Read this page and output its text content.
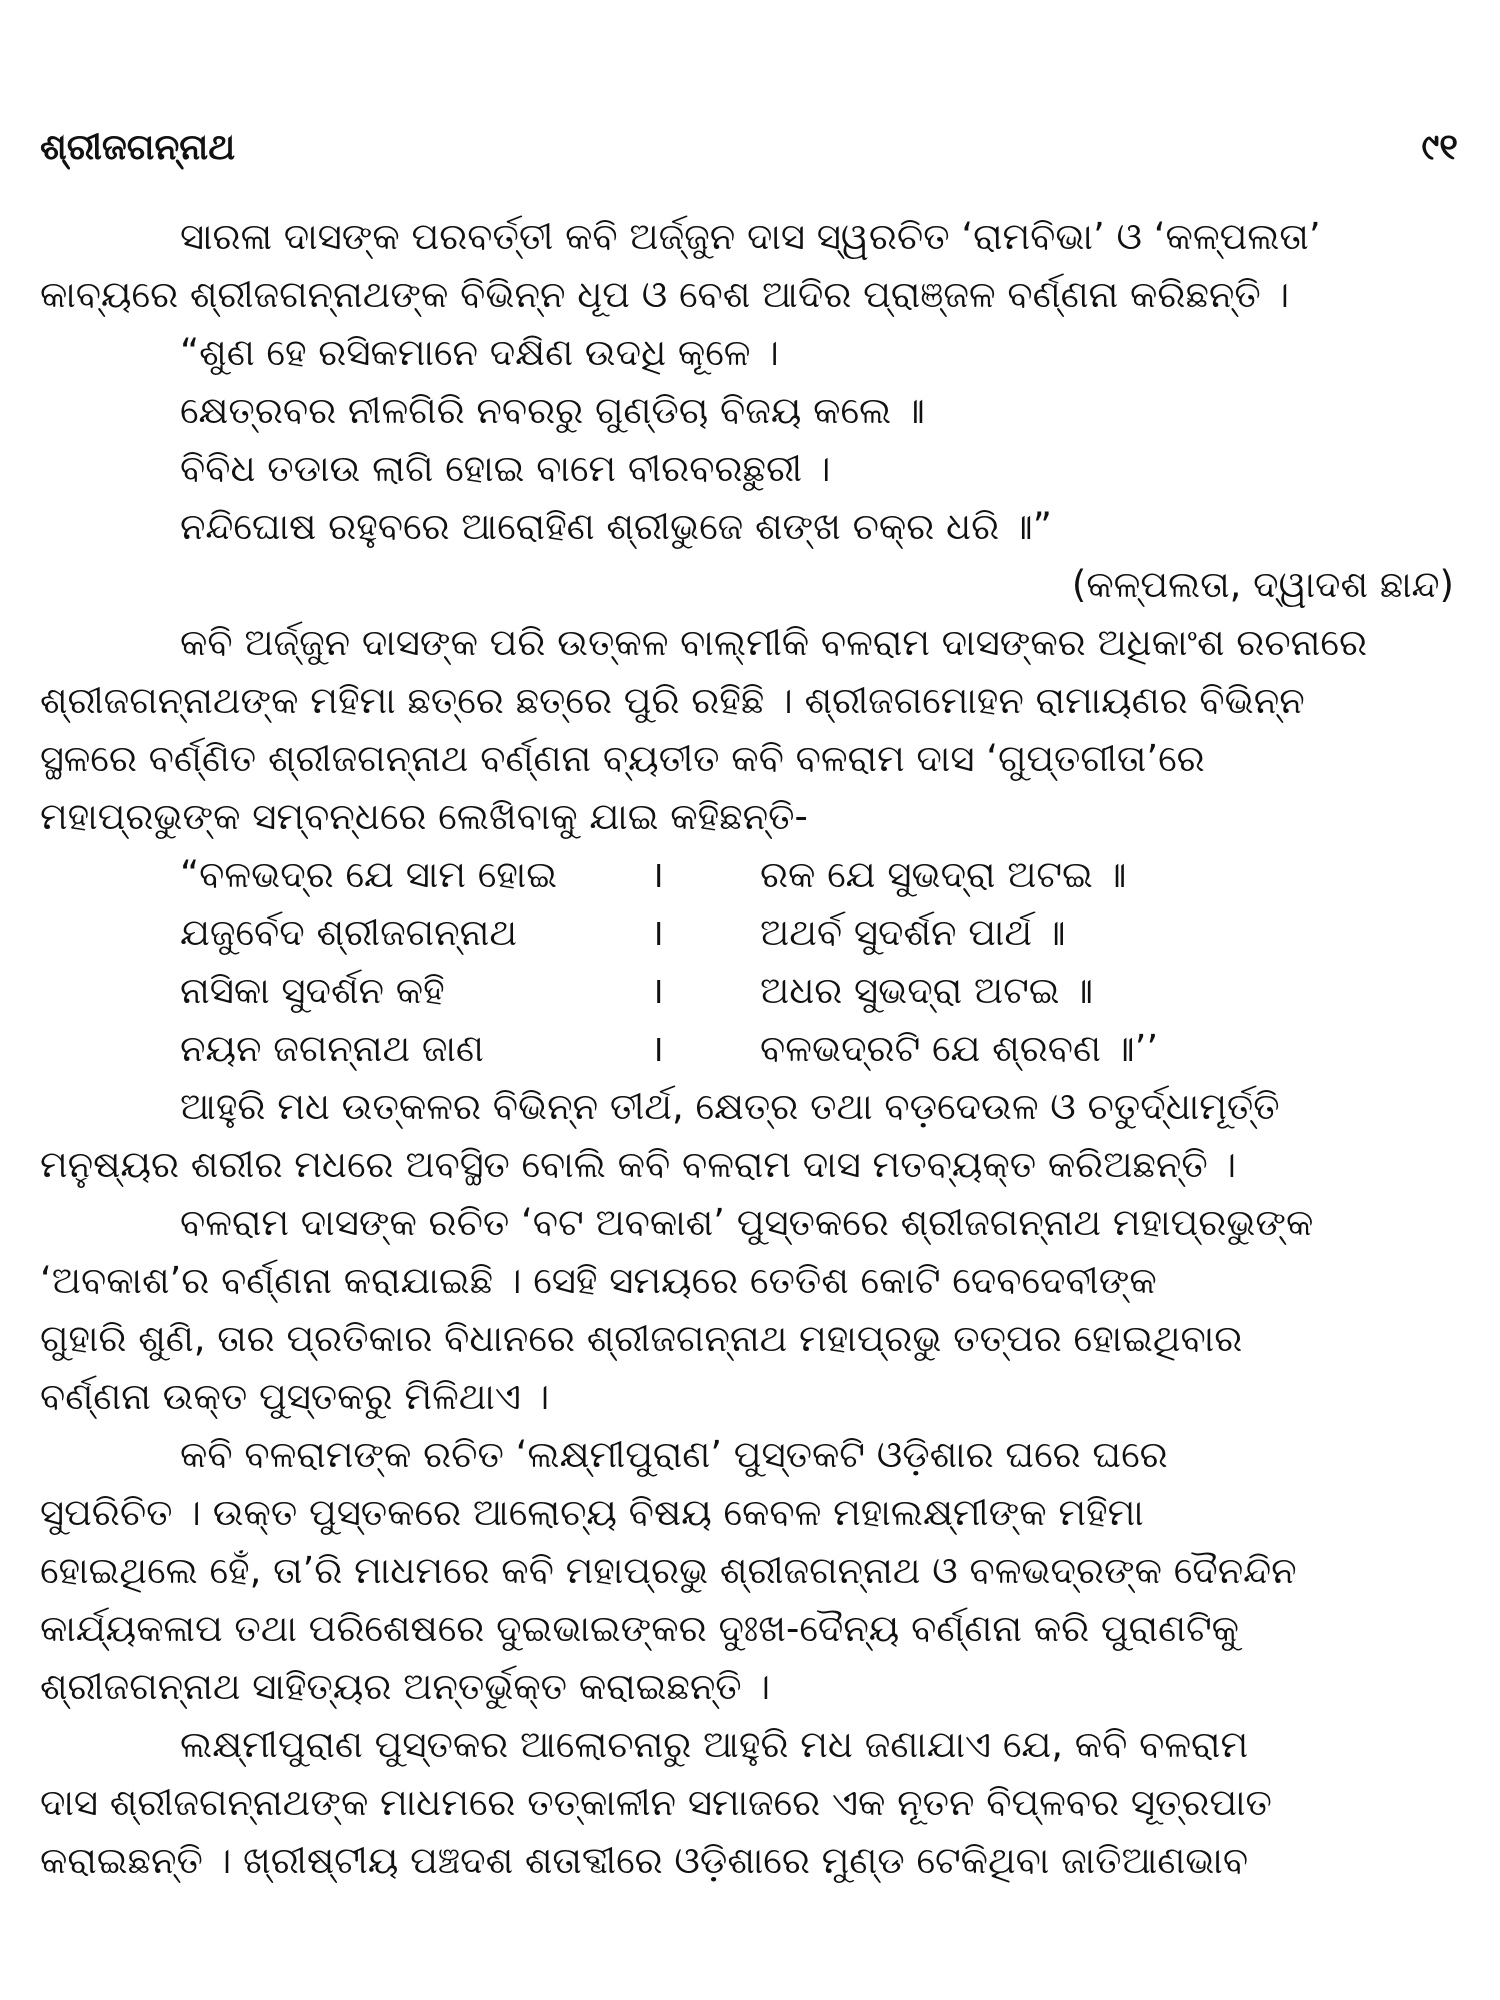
ଶ୍ରୀଜଗନ୍ନାଥ	୯୧
ସାରଳା ଦାସଙ୍କ ପରବର୍ତ୍ତୀ କବି ଅର୍ଜ୍ଜୁନ ଦାସ ସ୍ୱରଚିତ ‘ରାମବିଭା’ ଓ ‘କଳ୍ପଲତା’
କାବ୍ୟରେ ଶ୍ରୀଜଗନ୍ନାଥଙ୍କ ବିଭିନ୍ନ ଧୂପ ଓ ବେଶ ଆଦିର ପ୍ରାଞ୍ଜଳ ବର୍ଣ୍ଣନା କରିଛନ୍ତି ।
“ଶୁଣ ହେ ରସିକମାନେ ଦକ୍ଷିଣ ଉଦଧି କୂଳେ ।
କ୍ଷେତ୍ରବର ନୀଳଗିରି ନବରରୁ ଗୁଣ୍ଡିଚା ବିଜୟ କଲେ ॥
ବିବିଧ ତଡାଉ ଲାଗି ହୋଇ ବାମେ ବୀରବରଛୁରୀ ।
ନନ୍ଦିଘୋଷ ରହୁବରେ ଆରୋହିଣ ଶ୍ରୀଭୁଜେ ଶଙ୍ଖ ଚକ୍ର ଧରି ॥”
(କଳ୍ପଲତା, ଦ୍ୱାଦଶ ଛାନ୍ଦ)
କବି ଅର୍ଜ୍ଜୁନ ଦାସଙ୍କ ପରି ଉତ୍କଳ ବାଲ୍ମୀକି ବଳରାମ ଦାସଙ୍କର ଅଧିକାଂଶ ରଚନାରେ
ଶ୍ରୀଜଗନ୍ନାଥଙ୍କ ମହିମା ଛତ୍ରେ ଛତ୍ରେ ପୁରି ରହିଛି । ଶ୍ରୀଜଗମୋହନ ରାମାୟଣର ବିଭିନ୍ନ
ସ୍ଥଳରେ ବର୍ଣ୍ଣିତ ଶ୍ରୀଜଗନ୍ନାଥ ବର୍ଣ୍ଣନା ବ୍ୟତୀତ କବି ବଳରାମ ଦାସ ‘ଗୁପ୍ତଗୀତା’ରେ
ମହାପ୍ରଭୁଙ୍କ ସମ୍ବନ୍ଧରେ ଲେଖିବାକୁ ଯାଇ କହିଛନ୍ତି-
“ବଳଭଦ୍ର ଯେ ସାମ ହୋଇ	।	ରକ ଯେ ସୁଭଦ୍ରା ଅଟଇ ॥
ଯଜୁର୍ବେଦ ଶ୍ରୀଜଗନ୍ନାଥ	।	ଅଥର୍ବ ସୁଦର୍ଶନ ପାର୍ଥ ॥
ନାସିକା ସୁଦର୍ଶନ କହି	।	ଅଧର ସୁଭଦ୍ରା ଅଟଇ ॥
ନୟନ ଜଗନ୍ନାଥ ଜାଣ	।	ବଳଭଦ୍ରଟି ଯେ ଶ୍ରବଣ ॥’’
ଆହୁରି ମଧ ଉତ୍କଳର ବିଭିନ୍ନ ତୀର୍ଥ, କ୍ଷେତ୍ର ତଥା ବଡ଼ଦେଉଳ ଓ ଚତୁର୍ଦ୍ଧାମୂର୍ତ୍ତି
ମନୁଷ୍ୟର ଶରୀର ମଧରେ ଅବସ୍ଥିତ ବୋଲି କବି ବଳରାମ ଦାସ ମତବ୍ୟକ୍ତ କରିଅଛନ୍ତି ।
ବଳରାମ ଦାସଙ୍କ ରଚିତ ‘ବଟ ଅବକାଶ’ ପୁସ୍ତକରେ ଶ୍ରୀଜଗନ୍ନାଥ ମହାପ୍ରଭୁଙ୍କ
‘ଅବକାଶ’ର ବର୍ଣ୍ଣନା କରାଯାଇଛି । ସେହି ସମୟରେ ତେତିଶ କୋଟି ଦେବଦେବୀଙ୍କ
ଗୁହାରି ଶୁଣି, ତାର ପ୍ରତିକାର ବିଧାନରେ ଶ୍ରୀଜଗନ୍ନାଥ ମହାପ୍ରଭୁ ତତ୍ପର ହୋଇଥିବାର
ବର୍ଣ୍ଣନା ଉକ୍ତ ପୁସ୍ତକରୁ ମିଳିଥାଏ ।
କବି ବଳରାମଙ୍କ ରଚିତ ‘ଲକ୍ଷ୍ମୀପୁରାଣ’ ପୁସ୍ତକଟି ଓଡ଼ିଶାର ଘରେ ଘରେ
ସୁପରିଚିତ । ଉକ୍ତ ପୁସ୍ତକରେ ଆଲୋଚ୍ୟ ବିଷୟ କେବଳ ମହାଲକ୍ଷ୍ମୀଙ୍କ ମହିମା
ହୋଇଥିଲେ ହେଁ, ତା’ରି ମାଧମରେ କବି ମହାପ୍ରଭୁ ଶ୍ରୀଜଗନ୍ନାଥ ଓ ବଳଭଦ୍ରଙ୍କ ଦୈନନ୍ଦିନ
କାର୍ଯ୍ୟକଳାପ ତଥା ପରିଶେଷରେ ଦୁଇଭାଇଙ୍କର ଦୁଃଖ-ଦୈନ୍ୟ ବର୍ଣ୍ଣନା କରି ପୁରାଣଟିକୁ
ଶ୍ରୀଜଗନ୍ନାଥ ସାହିତ୍ୟର ଅନ୍ତର୍ଭୁକ୍ତ କରାଇଛନ୍ତି ।
ଲକ୍ଷ୍ମୀପୁରାଣ ପୁସ୍ତକର ଆଲୋଚନାରୁ ଆହୁରି ମଧ ଜଣାଯାଏ ଯେ, କବି ବଳରାମ
ଦାସ ଶ୍ରୀଜଗନ୍ନାଥଙ୍କ ମାଧମରେ ତତ୍କାଳୀନ ସମାଜରେ ଏକ ନୂତନ ବିପ୍ଳବର ସୂତ୍ରପାତ
କରାଇଛନ୍ତି । ଖ୍ରୀଷ୍ଟୀୟ ପଞ୍ଚଦଶ ଶତାବ୍ଦୀରେ ଓଡ଼ିଶାରେ ମୁଣ୍ଡ ଟେକିଥିବା ଜାତିଆଣଭାବ
